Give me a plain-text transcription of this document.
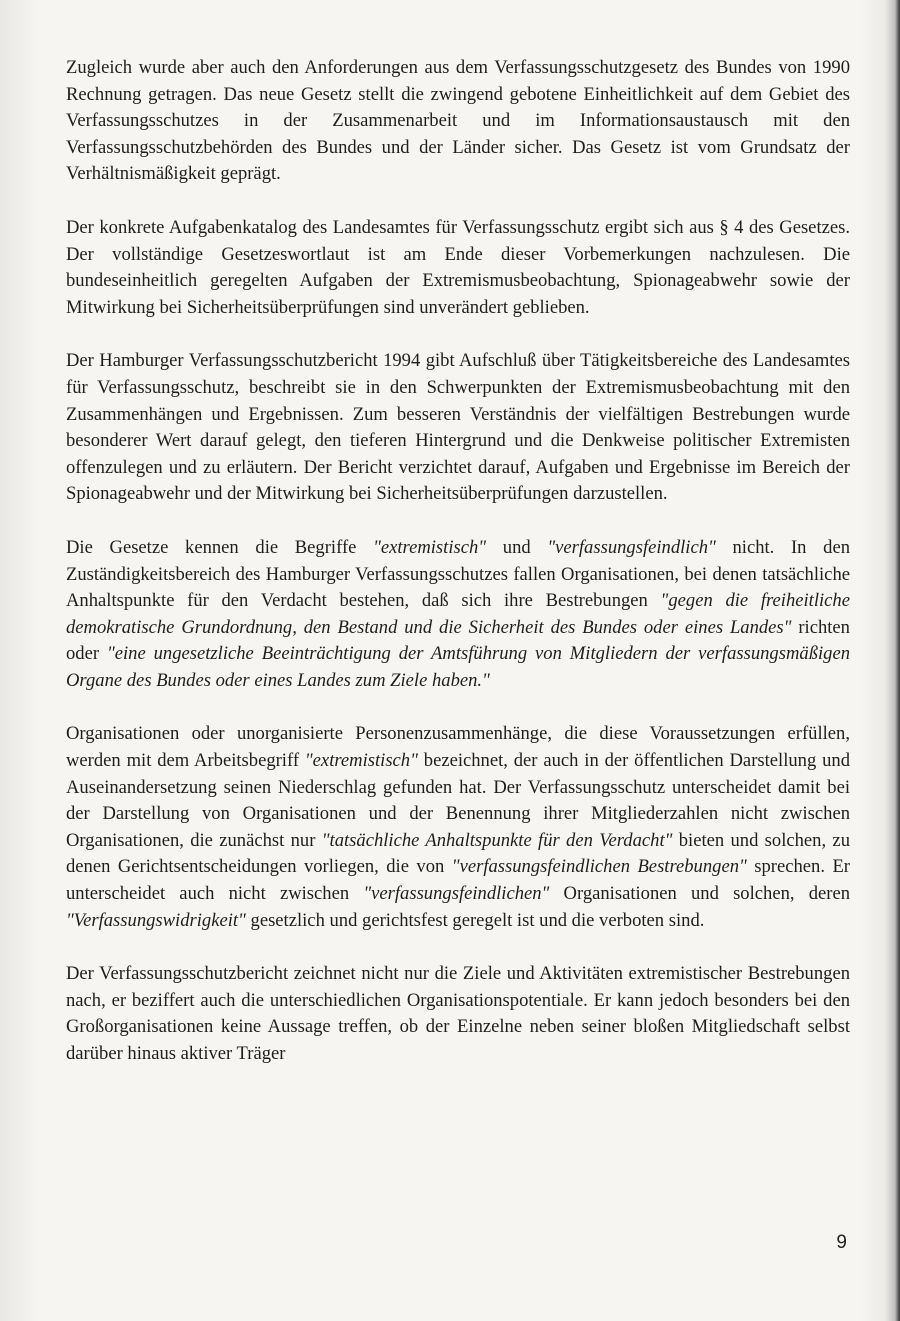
Zugleich wurde aber auch den Anforderungen aus dem Verfassungsschutzgesetz des Bundes von 1990 Rechnung getragen. Das neue Gesetz stellt die zwingend gebotene Einheitlichkeit auf dem Gebiet des Verfassungsschutzes in der Zusammenarbeit und im Informationsaustausch mit den Verfassungsschutzbehörden des Bundes und der Länder sicher. Das Gesetz ist vom Grundsatz der Verhältnismäßigkeit geprägt.

Der konkrete Aufgabenkatalog des Landesamtes für Verfassungsschutz ergibt sich aus § 4 des Gesetzes. Der vollständige Gesetzeswortlaut ist am Ende dieser Vorbemerkungen nachzulesen. Die bundeseinheitlich geregelten Aufgaben der Extremismusbeobachtung, Spionageabwehr sowie der Mitwirkung bei Sicherheitsüberprüfungen sind unverändert geblieben.

Der Hamburger Verfassungsschutzbericht 1994 gibt Aufschluß über Tätigkeitsbereiche des Landesamtes für Verfassungsschutz, beschreibt sie in den Schwerpunkten der Extremismusbeobachtung mit den Zusammenhängen und Ergebnissen. Zum besseren Verständnis der vielfältigen Bestrebungen wurde besonderer Wert darauf gelegt, den tieferen Hintergrund und die Denkweise politischer Extremisten offenzulegen und zu erläutern. Der Bericht verzichtet darauf, Aufgaben und Ergebnisse im Bereich der Spionageabwehr und der Mitwirkung bei Sicherheitsüberprüfungen darzustellen.

Die Gesetze kennen die Begriffe "extremistisch" und "verfassungsfeindlich" nicht. In den Zuständigkeitsbereich des Hamburger Verfassungsschutzes fallen Organisationen, bei denen tatsächliche Anhaltspunkte für den Verdacht bestehen, daß sich ihre Bestrebungen "gegen die freiheitliche demokratische Grundordnung, den Bestand und die Sicherheit des Bundes oder eines Landes" richten oder "eine ungesetzliche Beeinträchtigung der Amtsführung von Mitgliedern der verfassungsmäßigen Organe des Bundes oder eines Landes zum Ziele haben."

Organisationen oder unorganisierte Personenzusammenhänge, die diese Voraussetzungen erfüllen, werden mit dem Arbeitsbegriff "extremistisch" bezeichnet, der auch in der öffentlichen Darstellung und Auseinandersetzung seinen Niederschlag gefunden hat. Der Verfassungsschutz unterscheidet damit bei der Darstellung von Organisationen und der Benennung ihrer Mitgliederzahlen nicht zwischen Organisationen, die zunächst nur "tatsächliche Anhaltspunkte für den Verdacht" bieten und solchen, zu denen Gerichtsentscheidungen vorliegen, die von "verfassungsfeindlichen Bestrebungen" sprechen. Er unterscheidet auch nicht zwischen "verfassungsfeindlichen" Organisationen und solchen, deren "Verfassungswidrigkeit" gesetzlich und gerichtsfest geregelt ist und die verboten sind.

Der Verfassungsschutzbericht zeichnet nicht nur die Ziele und Aktivitäten extremistischer Bestrebungen nach, er beziffert auch die unterschiedlichen Organisationspotentiale. Er kann jedoch besonders bei den Großorganisationen keine Aussage treffen, ob der Einzelne neben seiner bloßen Mitgliedschaft selbst darüber hinaus aktiver Träger

9
